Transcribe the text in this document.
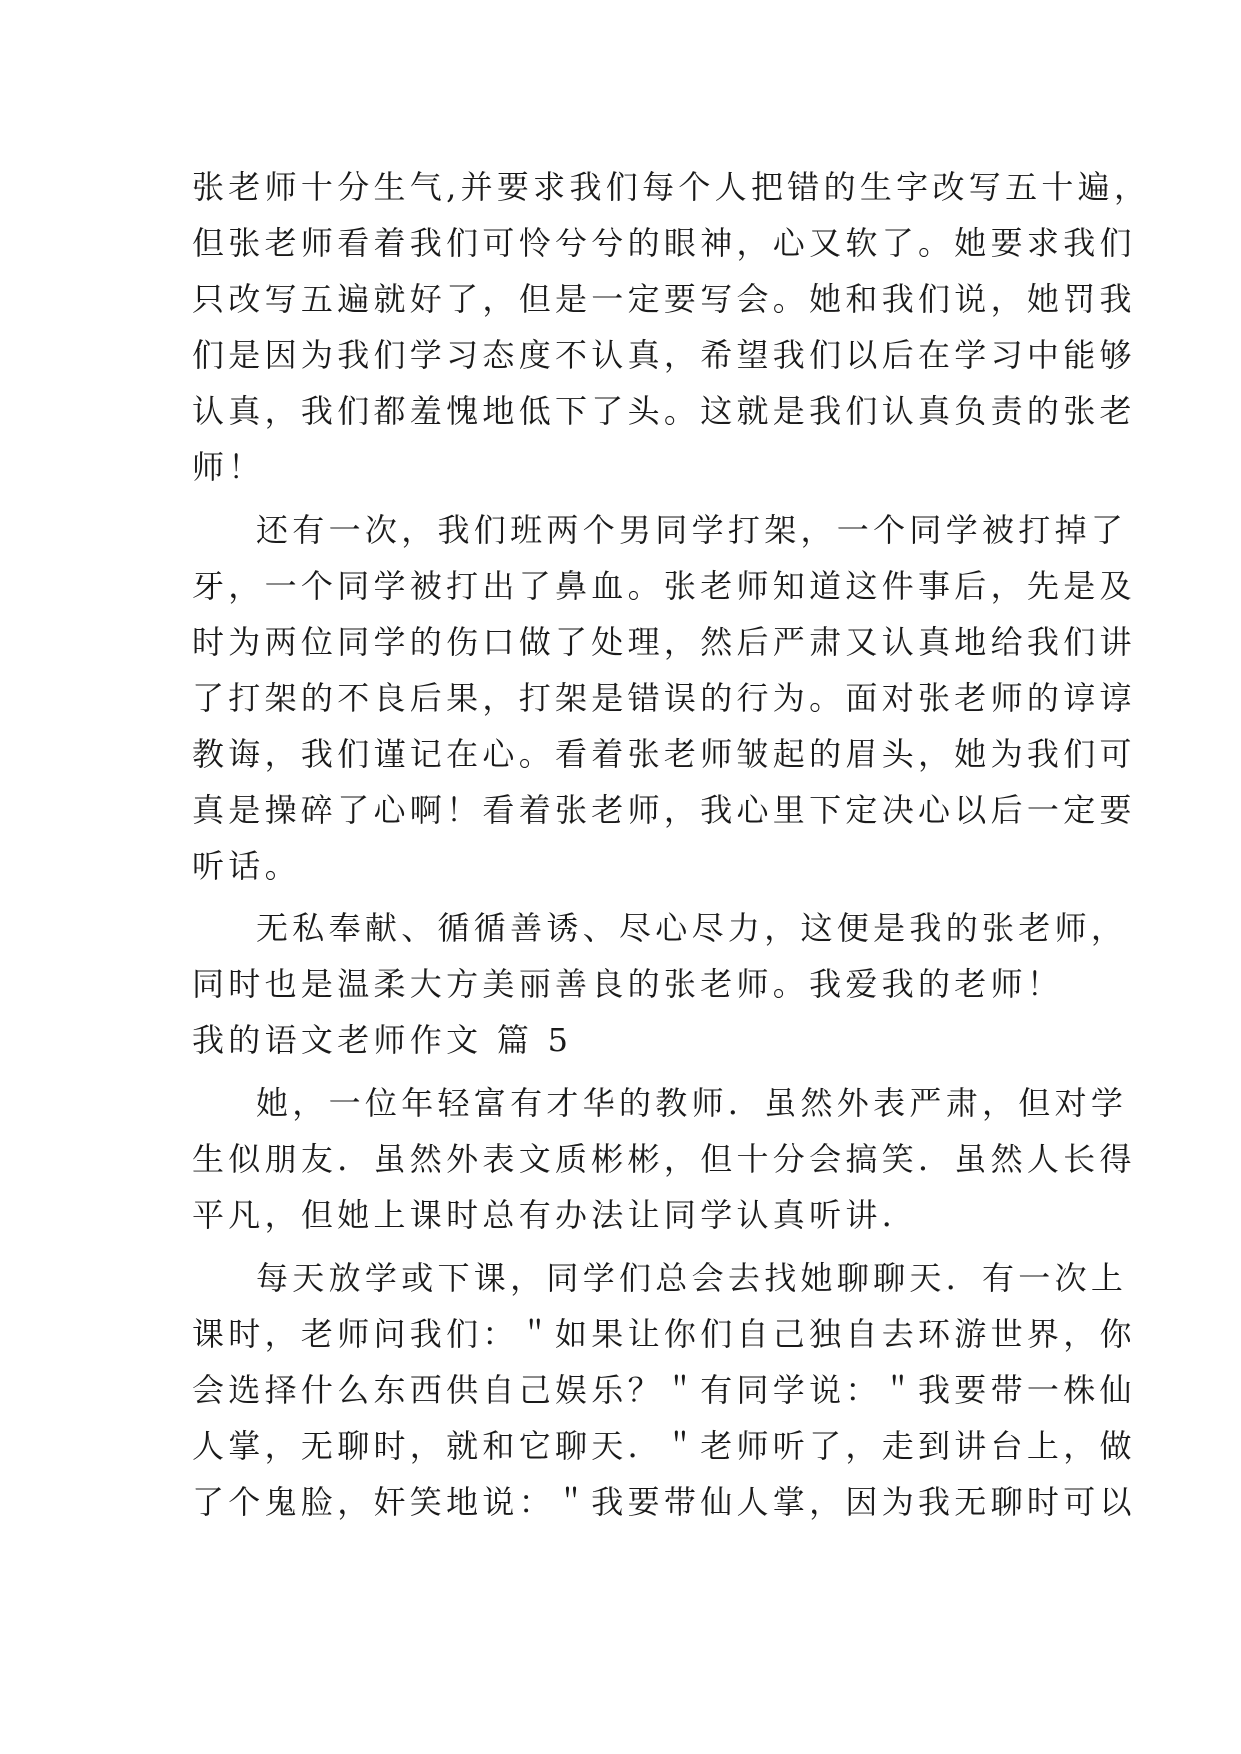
张老师十分生气,并要求我们每个人把错的生字改写五十遍，
但张老师看着我们可怜兮兮的眼神，心又软了。她要求我们
只改写五遍就好了，但是一定要写会。她和我们说，她罚我
们是因为我们学习态度不认真，希望我们以后在学习中能够
认真，我们都羞愧地低下了头。这就是我们认真负责的张老
师！
还有一次，我们班两个男同学打架，一个同学被打掉了
牙，一个同学被打出了鼻血。张老师知道这件事后，先是及
时为两位同学的伤口做了处理，然后严肃又认真地给我们讲
了打架的不良后果，打架是错误的行为。面对张老师的谆谆
教诲，我们谨记在心。看着张老师皱起的眉头，她为我们可
真是操碎了心啊！看着张老师，我心里下定决心以后一定要
听话。
无私奉献、循循善诱、尽心尽力，这便是我的张老师，
同时也是温柔大方美丽善良的张老师。我爱我的老师！
我的语文老师作文 篇 5
她，一位年轻富有才华的教师．虽然外表严肃，但对学
生似朋友．虽然外表文质彬彬，但十分会搞笑．虽然人长得
平凡，但她上课时总有办法让同学认真听讲．
每天放学或下课，同学们总会去找她聊聊天．有一次上
课时，老师问我们：＂如果让你们自己独自去环游世界，你
会选择什么东西供自己娱乐？＂有同学说：＂我要带一株仙
人掌，无聊时，就和它聊天．＂老师听了，走到讲台上，做
了个鬼脸，奸笑地说：＂我要带仙人掌，因为我无聊时可以
